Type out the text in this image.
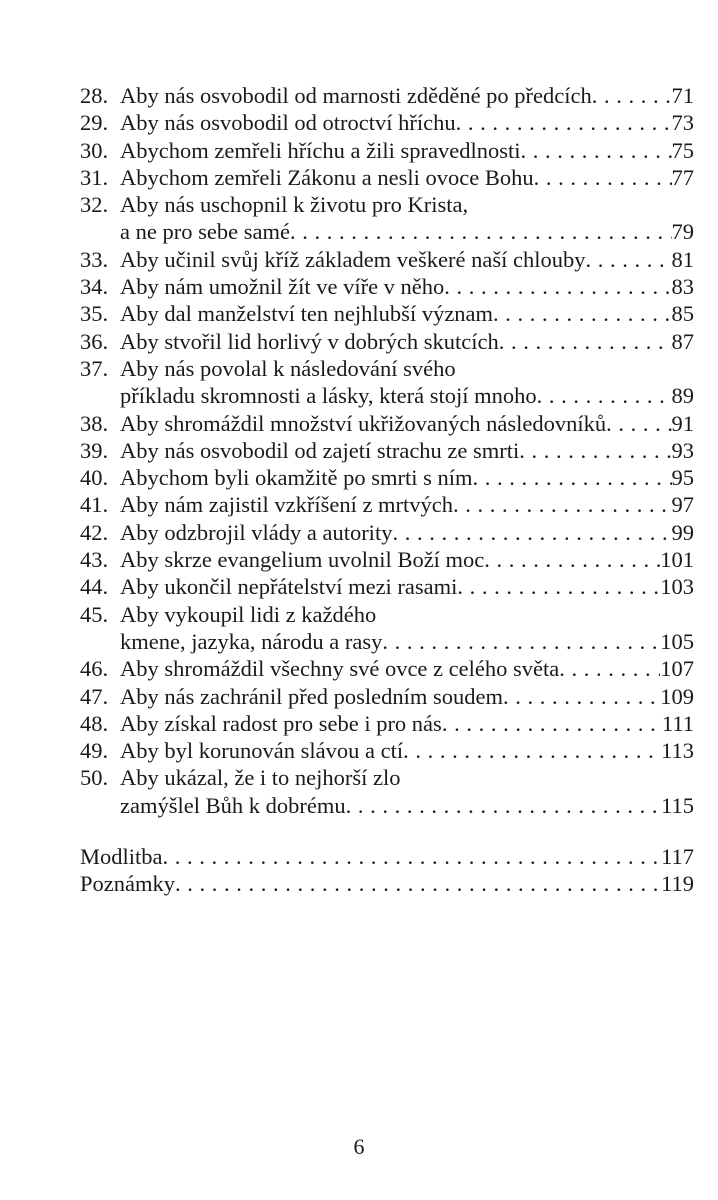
28. Aby nás osvobodil od marnosti zděděné po předcích . . .	71
29. Aby nás osvobodil od otroctví hříchu . . .	73
30. Abychom zemřeli hříchu a žili spravedlnosti . . .	75
31. Abychom zemřeli Zákonu a nesli ovoce Bohu . . .	77
32. Aby nás uschopnil k životu pro Krista,
a ne pro sebe samé . . .	79
33. Aby učinil svůj kříž základem veškeré naší chlouby . . .	81
34. Aby nám umožnil žít ve víře v něho . . .	83
35. Aby dal manželství ten nejhlubší význam . . .	85
36. Aby stvořil lid horlivý v dobrých skutcích . . .	87
37. Aby nás povolal k následování svého
příkladu skromnosti a lásky, která stojí mnoho . . .	89
38. Aby shromáždil množství ukřižovaných následovníků . . .	91
39. Aby nás osvobodil od zajetí strachu ze smrti . . .	93
40. Abychom byli okamžitě po smrti s ním . . .	95
41. Aby nám zajistil vzkříšení z mrtvých . . .	97
42. Aby odzbrojil vlády a autority . . .	99
43. Aby skrze evangelium uvolnil Boží moc . . .	101
44. Aby ukončil nepřátelství mezi rasami . . .	103
45. Aby vykoupil lidi z každého
kmene, jazyka, národu a rasy . . .	105
46. Aby shromáždil všechny své ovce z celého světa . . .	107
47. Aby nás zachránil před posledním soudem . . .	109
48. Aby získal radost pro sebe i pro nás . . .	111
49. Aby byl korunován slávou a ctí . . .	113
50. Aby ukázal, že i to nejhorší zlo
zamýšlel Bůh k dobrému . . .	115
Modlitba . . .	117
Poznámky . . .	119
6
